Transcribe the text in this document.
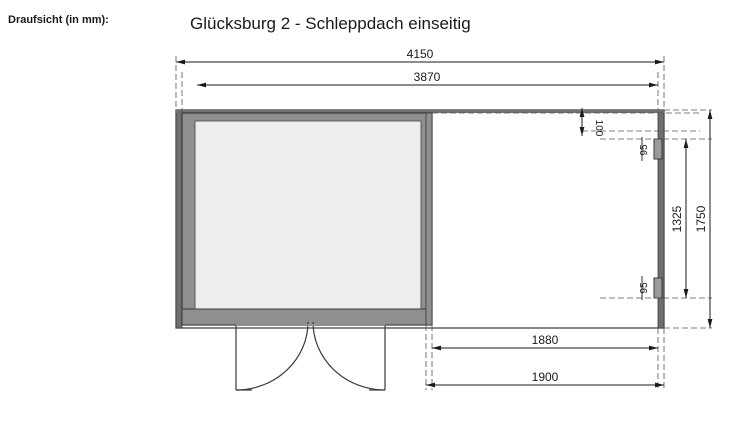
Draufsicht (in mm):	Glücksburg 2 - Schleppdach einseitig
4150
3870
100
95
95
1325 1750
1880
1900
